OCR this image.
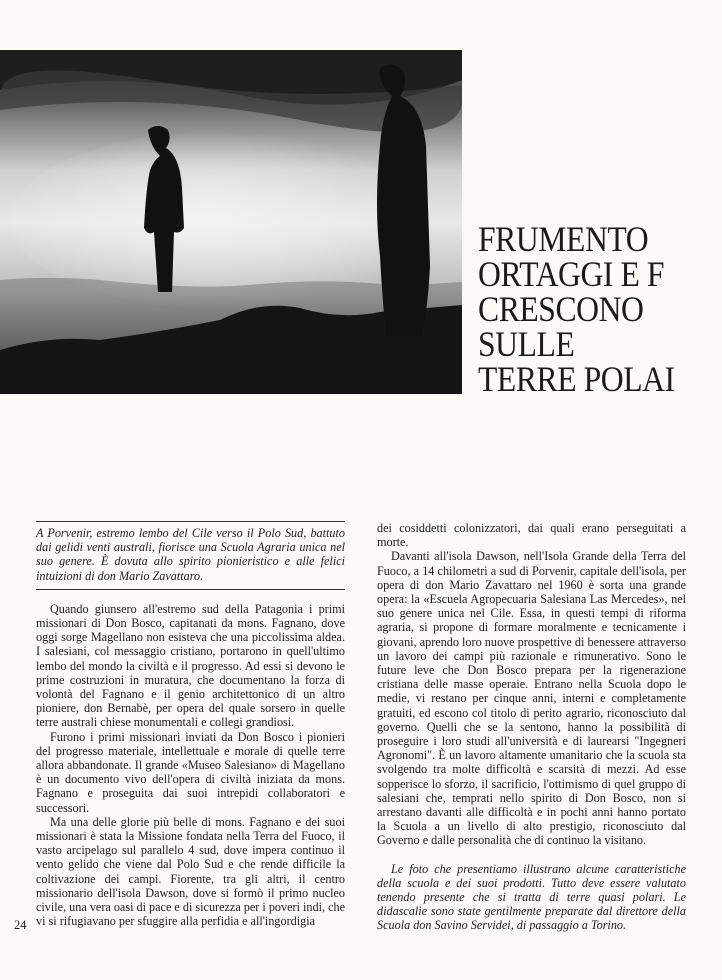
FRUMENTO
ORTAGGI E F
CRESCONO
SULLE
TERRE POLAI

A Porvenir, estremo lembo del Cile verso il Polo Sud, battuto dai gelidi venti australi, fiorisce una Scuola Agraria unica nel suo genere. È dovuta allo spirito pionieristico e alle felici intuizioni di don Mario Zavattaro.

Quando giunsero all'estremo sud della Patagonia i primi missionari di Don Bosco, capitanati da mons. Fagnano, dove oggi sorge Magellano non esisteva che una piccolissima aldea. I salesiani, col messaggio cristiano, portarono in quell'ultimo lembo del mondo la civiltà e il progresso. Ad essi si devono le prime costruzioni in muratura, che documentano la forza di volontà del Fagnano e il genio architettonico di un altro pioniere, don Bernabè, per opera del quale sorsero in quelle terre australi chiese monumentali e collegi grandiosi.

Furono i primi missionari inviati da Don Bosco i pionieri del progresso materiale, intellettuale e morale di quelle terre allora abbandonate. Il grande «Museo Salesiano» di Magellano è un documento vivo dell'opera di civiltà iniziata da mons. Fagnano e proseguita dai suoi intrepidi collaboratori e successori.

Ma una delle glorie più belle di mons. Fagnano e dei suoi missionari è stata la Missione fondata nella Terra del Fuoco, il vasto arcipelago sul parallelo 4 sud, dove impera continuo il vento gelido che viene dal Polo Sud e che rende difficile la coltivazione dei campi. Fiorente, tra gli altri, il centro missionario dell'isola Dawson, dove si formò il primo nucleo civile, una vera oasi di pace e di sicurezza per i poveri indi, che vi si rifugiavano per sfuggire alla perfidia e all'ingordigia

dei cosiddetti colonizzatori, dai quali erano perseguitati a morte.

Davanti all'isola Dawson, nell'Isola Grande della Terra del Fuoco, a 14 chilometri a sud di Porvenir, capitale dell'isola, per opera di don Mario Zavattaro nel 1960 è sorta una grande opera: la «Escuela Agropecuaria Salesiana Las Mercedes», nel suo genere unica nel Cile. Essa, in questi tempi di riforma agraria, si propone di formare moralmente e tecnicamente i giovani, aprendo loro nuove prospettive di benessere attraverso un lavoro dei campi più razionale e rimunerativo. Sono le future leve che Don Bosco prepara per la rigenerazione cristiana delle masse operaie. Entrano nella Scuola dopo le medie, vi restano per cinque anni, interni e completamente gratuiti, ed escono col titolo di perito agrario, riconosciuto dal governo. Quelli che se la sentono, hanno la possibilità di proseguire i loro studi all'università e di laurearsi "Ingegneri Agronomi". È un lavoro altamente umanitario che la scuola sta svolgendo tra molte difficoltà e scarsità di mezzi. Ad esse sopperisce lo sforzo, il sacrificio, l'ottimismo di quel gruppo di salesiani che, temprati nello spirito di Don Bosco, non si arrestano davanti alle difficoltà e in pochi anni hanno portato la Scuola a un livello di alto prestigio, riconosciuto dal Governo e dalle personalità che di continuo la visitano.

Le foto che presentiamo illustrano alcune caratteristiche della scuola e dei suoi prodotti. Tutto deve essere valutato tenendo presente che si tratta di terre quasi polari. Le didascalie sono state gentilmente preparate dal direttore della Scuola don Savino Servidei, di passaggio a Torino.

24
